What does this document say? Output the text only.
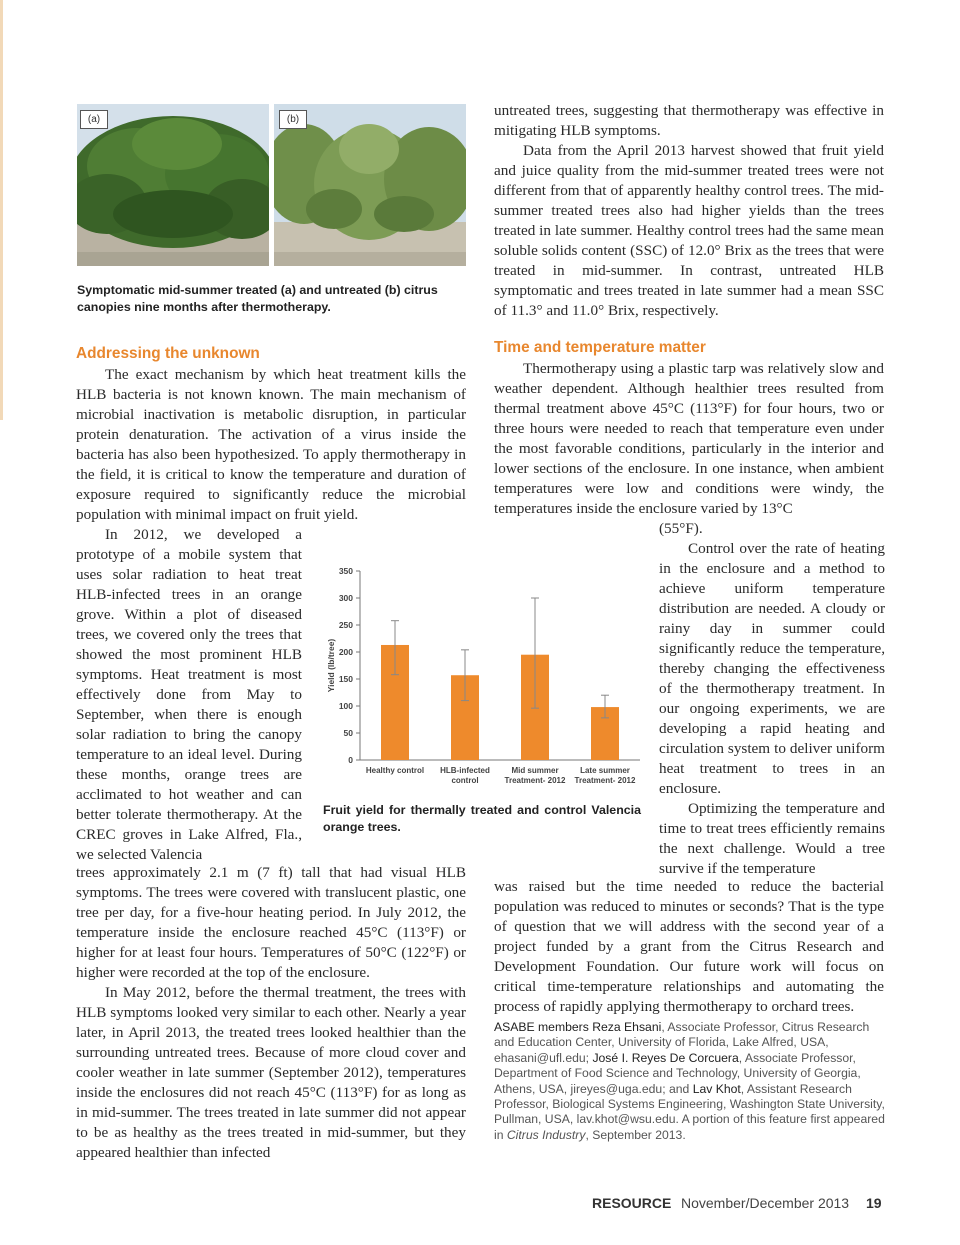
(a)	(b)

Symptomatic mid-summer treated (a) and untreated (b) citrus canopies nine months after thermotherapy.

Addressing the unknown

The exact mechanism by which heat treatment kills the HLB bacteria is not known known. The main mechanism of microbial inactivation is metabolic disruption, in particular protein denaturation. The activation of a virus inside the bacteria has also been hypothesized. To apply thermotherapy in the field, it is critical to know the temperature and duration of exposure required to significantly reduce the microbial population with minimal impact on fruit yield.

In 2012, we developed a prototype of a mobile system that uses solar radiation to heat treat HLB-infected trees in an orange grove. Within a plot of diseased trees, we covered only the trees that showed the most prominent HLB symptoms. Heat treatment is most effectively done from May to September, when there is enough solar radiation to bring the canopy temperature to an ideal level. During these months, orange trees are acclimated to hot weather and can better tolerate thermotherapy. At the CREC groves in Lake Alfred, Fla., we selected Valencia

trees approximately 2.1 m (7 ft) tall that had visual HLB symptoms. The trees were covered with translucent plastic, one tree per day, for a five-hour heating period. In July 2012, the temperature inside the enclosure reached 45°C (113°F) or higher for at least four hours. Temperatures of 50°C (122°F) or higher were recorded at the top of the enclosure.

In May 2012, before the thermal treatment, the trees with HLB symptoms looked very similar to each other. Nearly a year later, in April 2013, the treated trees looked healthier than the surrounding untreated trees. Because of more cloud cover and cooler weather in late summer (September 2012), temperatures inside the enclosures did not reach 45°C (113°F) for as long as in mid-summer. The trees treated in late summer did not appear to be as healthy as the trees treated in mid-summer, but they appeared healthier than infected

0
50
100
150
200
250
300
350
Yield (lb/tree)
Healthy control HLB-infected
control
Mid summer
Treatment- 2012
Late summer
Treatment- 2012

Fruit yield for thermally treated and control Valencia orange trees.

untreated trees, suggesting that thermotherapy was effective in mitigating HLB symptoms.

Data from the April 2013 harvest showed that fruit yield and juice quality from the mid-summer treated trees were not different from that of apparently healthy control trees. The mid-summer treated trees also had higher yields than the trees treated in late summer. Healthy control trees had the same mean soluble solids content (SSC) of 12.0° Brix as the trees that were treated in mid-summer. In contrast, untreated HLB symptomatic and trees treated in late summer had a mean SSC of 11.3° and 11.0° Brix, respectively.

Time and temperature matter

Thermotherapy using a plastic tarp was relatively slow and weather dependent. Although healthier trees resulted from thermal treatment above 45°C (113°F) for four hours, two or three hours were needed to reach that temperature even under the most favorable conditions, particularly in the interior and lower sections of the enclosure. In one instance, when ambient temperatures were low and conditions were windy, the temperatures inside the enclosure varied by 13°C

(55°F).

Control over the rate of heating in the enclosure and a method to achieve uniform temperature distribution are needed. A cloudy or rainy day in summer could significantly reduce the temperature, thereby changing the effectiveness of the thermotherapy treatment. In our ongoing experiments, we are developing a rapid heating and circulation system to deliver uniform heat treatment to trees in an enclosure.

Optimizing the temperature and time to treat trees efficiently remains the next challenge. Would a tree survive if the temperature

was raised but the time needed to reduce the bacterial population was reduced to minutes or seconds? That is the type of question that we will address with the second year of a project funded by a grant from the Citrus Research and Development Foundation. Our future work will focus on critical time-temperature relationships and automating the process of rapidly applying thermotherapy to orchard trees.

ASABE members Reza Ehsani, Associate Professor, Citrus Research and Education Center, University of Florida, Lake Alfred, USA, ehasani@ufl.edu; José I. Reyes De Corcuera, Associate Professor, Department of Food Science and Technology, University of Georgia, Athens, USA, jireyes@uga.edu; and Lav Khot, Assistant Research Professor, Biological Systems Engineering, Washington State University, Pullman, USA, lav.khot@wsu.edu. A portion of this feature first appeared in Citrus Industry, September 2013.

RESOURCE November/December 2013 19
